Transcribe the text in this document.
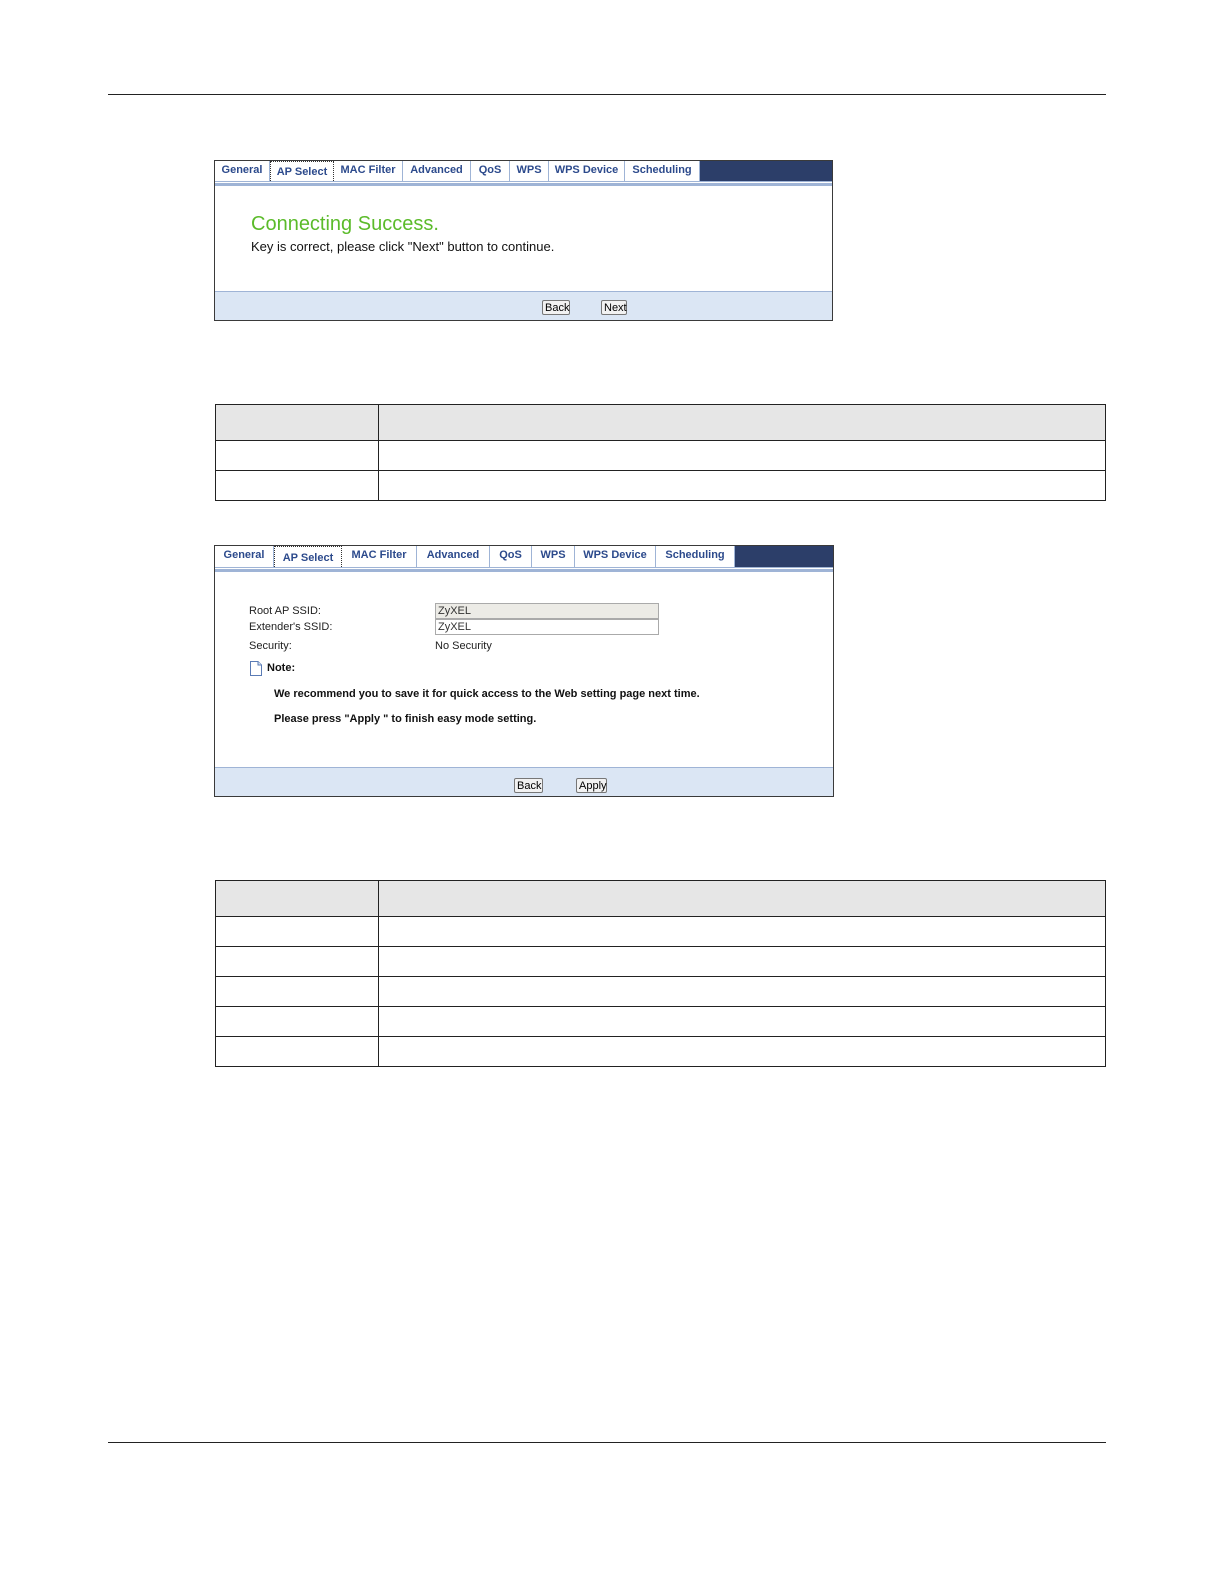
General	AP Select	MAC Filter	Advanced	QoS	WPS	WPS Device	Scheduling
Connecting Success.
Key is correct, please click "Next" button to continue.
Back	Next

General	AP Select	MAC Filter	Advanced	QoS	WPS	WPS Device	Scheduling
Root AP SSID:	ZyXEL
Extender's SSID:	ZyXEL
Security:	No Security
Note:
We recommend you to save it for quick access to the Web setting page next time.
Please press "Apply " to finish easy mode setting.
Back	Apply
